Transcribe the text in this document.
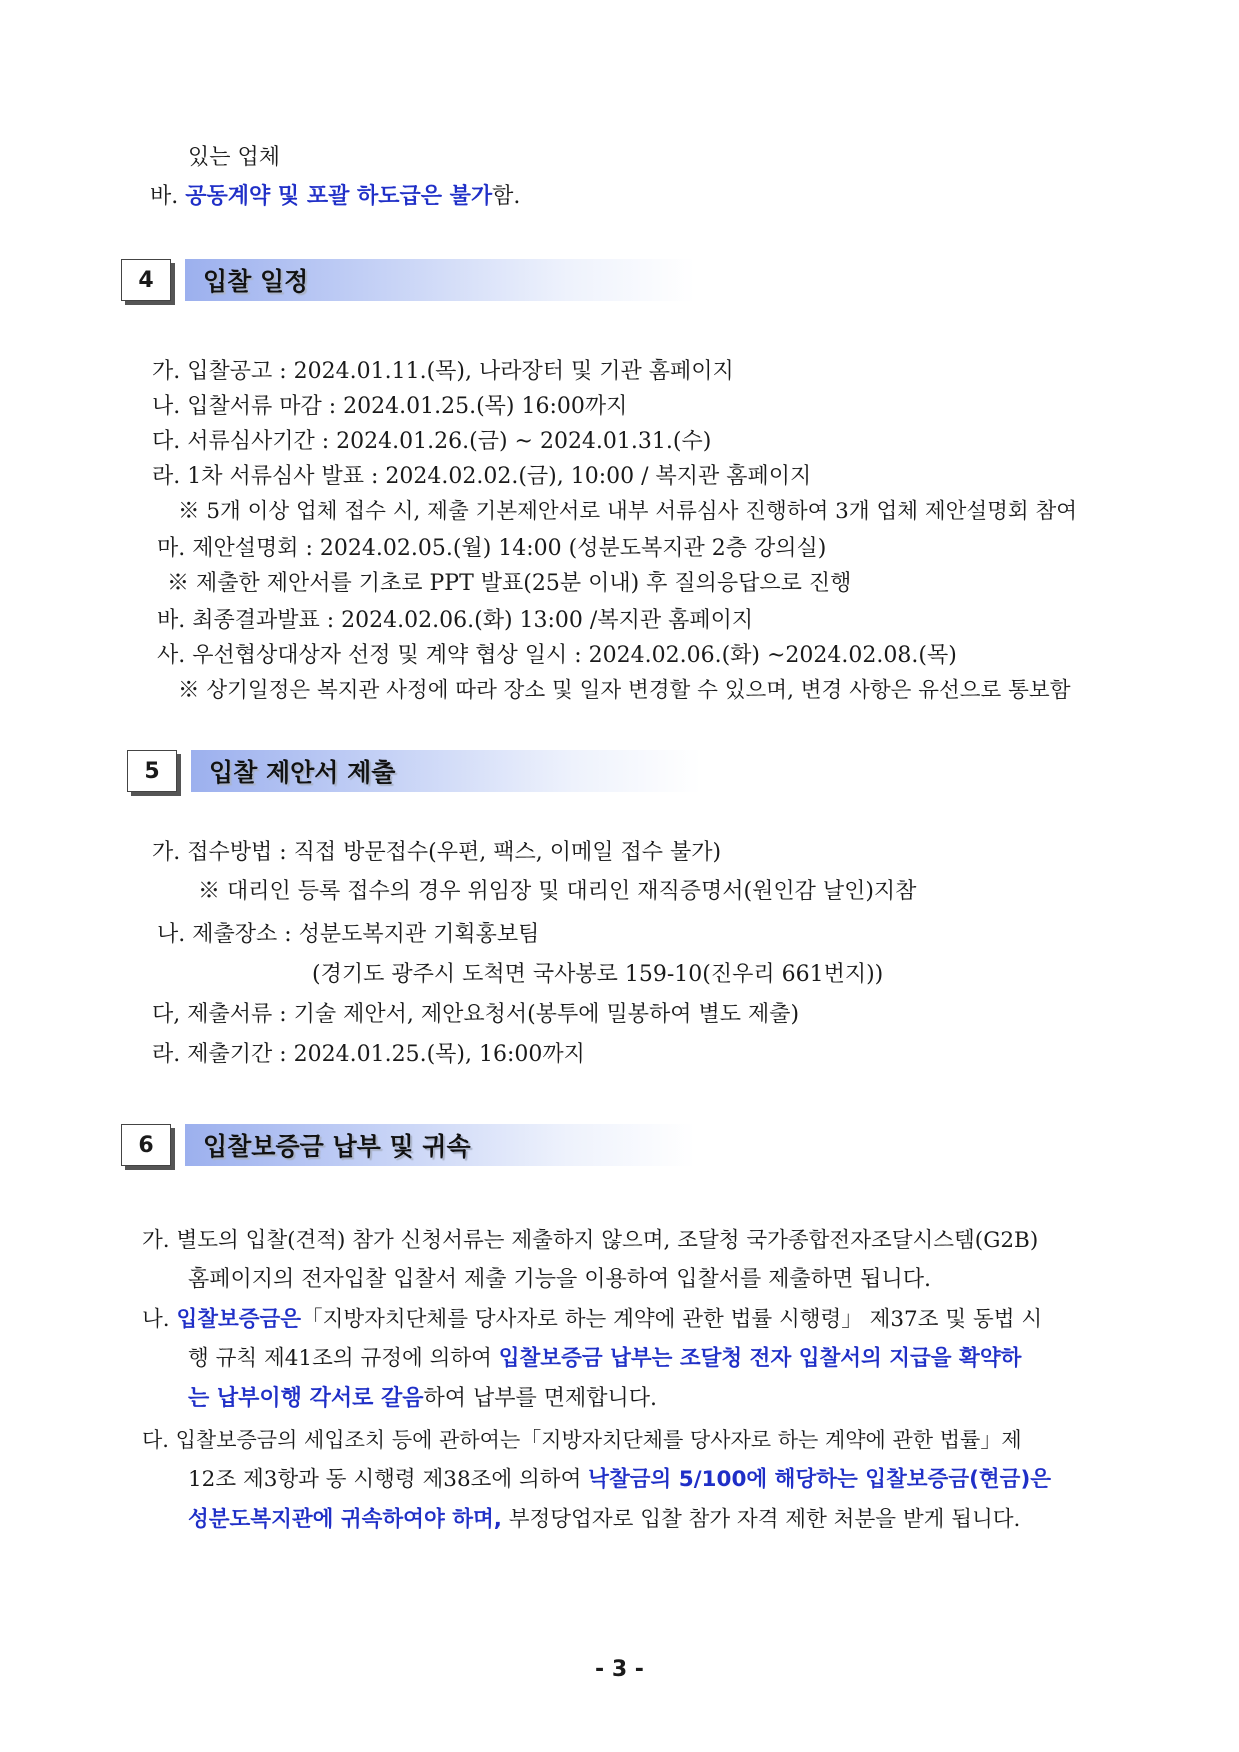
있는 업체
바. 공동계약 및 포괄 하도급은 불가함.
4	입찰 일정
가. 입찰공고 : 2024.01.11.(목), 나라장터 및 기관 홈페이지
나. 입찰서류 마감 : 2024.01.25.(목) 16:00까지
다. 서류심사기간 : 2024.01.26.(금) ~ 2024.01.31.(수)
라. 1차 서류심사 발표 : 2024.02.02.(금), 10:00 / 복지관 홈페이지
※ 5개 이상 업체 접수 시, 제출 기본제안서로 내부 서류심사 진행하여 3개 업체 제안설명회 참여
마. 제안설명회 : 2024.02.05.(월) 14:00 (성분도복지관 2층 강의실)
※ 제출한 제안서를 기초로 PPT 발표(25분 이내) 후 질의응답으로 진행
바. 최종결과발표 : 2024.02.06.(화) 13:00 /복지관 홈페이지
사. 우선협상대상자 선정 및 계약 협상 일시 : 2024.02.06.(화) ~2024.02.08.(목)
※ 상기일정은 복지관 사정에 따라 장소 및 일자 변경할 수 있으며, 변경 사항은 유선으로 통보함
5	입찰 제안서 제출
가. 접수방법 : 직접 방문접수(우편, 팩스, 이메일 접수 불가)
※ 대리인 등록 접수의 경우 위임장 및 대리인 재직증명서(원인감 날인)지참
나. 제출장소 : 성분도복지관 기획홍보팀
(경기도 광주시 도척면 국사봉로 159-10(진우리 661번지))
다, 제출서류 : 기술 제안서, 제안요청서(봉투에 밀봉하여 별도 제출)
라. 제출기간 : 2024.01.25.(목), 16:00까지
6	입찰보증금 납부 및 귀속
가. 별도의 입찰(견적) 참가 신청서류는 제출하지 않으며, 조달청 국가종합전자조달시스템(G2B)
홈페이지의 전자입찰 입찰서 제출 기능을 이용하여 입찰서를 제출하면 됩니다.
나. 입찰보증금은「지방자치단체를 당사자로 하는 계약에 관한 법률 시행령」 제37조 및 동법 시
행 규칙 제41조의 규정에 의하여 입찰보증금 납부는 조달청 전자 입찰서의 지급을 확약하
는 납부이행 각서로 갈음하여 납부를 면제합니다.
다. 입찰보증금의 세입조치 등에 관하여는「지방자치단체를 당사자로 하는 계약에 관한 법률」제
12조 제3항과 동 시행령 제38조에 의하여 낙찰금의 5/100에 해당하는 입찰보증금(현금)은
성분도복지관에 귀속하여야 하며, 부정당업자로 입찰 참가 자격 제한 처분을 받게 됩니다.
- 3 -
